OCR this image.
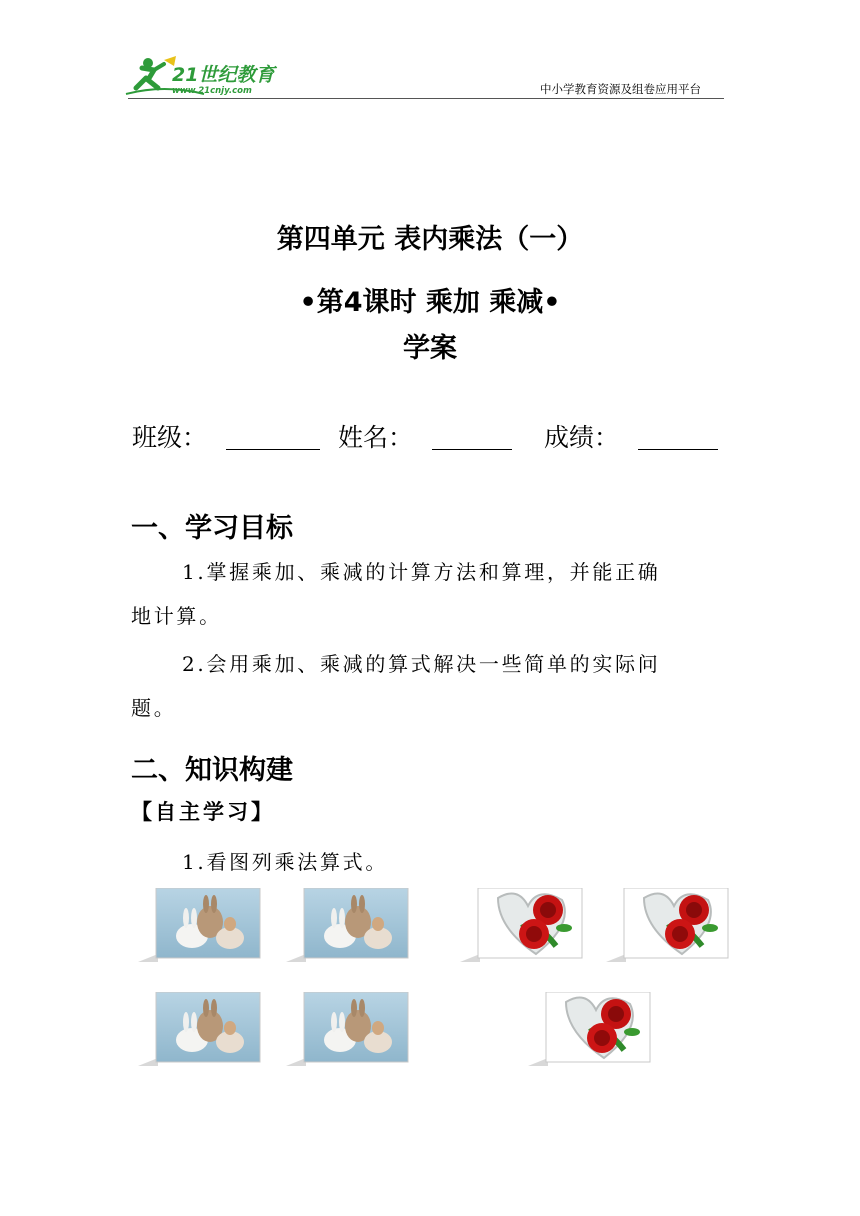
21世纪教育
www.21cnjy.com	中小学教育资源及组卷应用平台
第四单元 表内乘法（一）
•第4课时 乘加 乘减•
学案
班级：	姓名：	成绩：
一、学习目标
1.掌握乘加、乘减的计算方法和算理，并能正确
地计算。
2.会用乘加、乘减的算式解决一些简单的实际问
题。
二、知识构建
【自主学习】
1.看图列乘法算式。
